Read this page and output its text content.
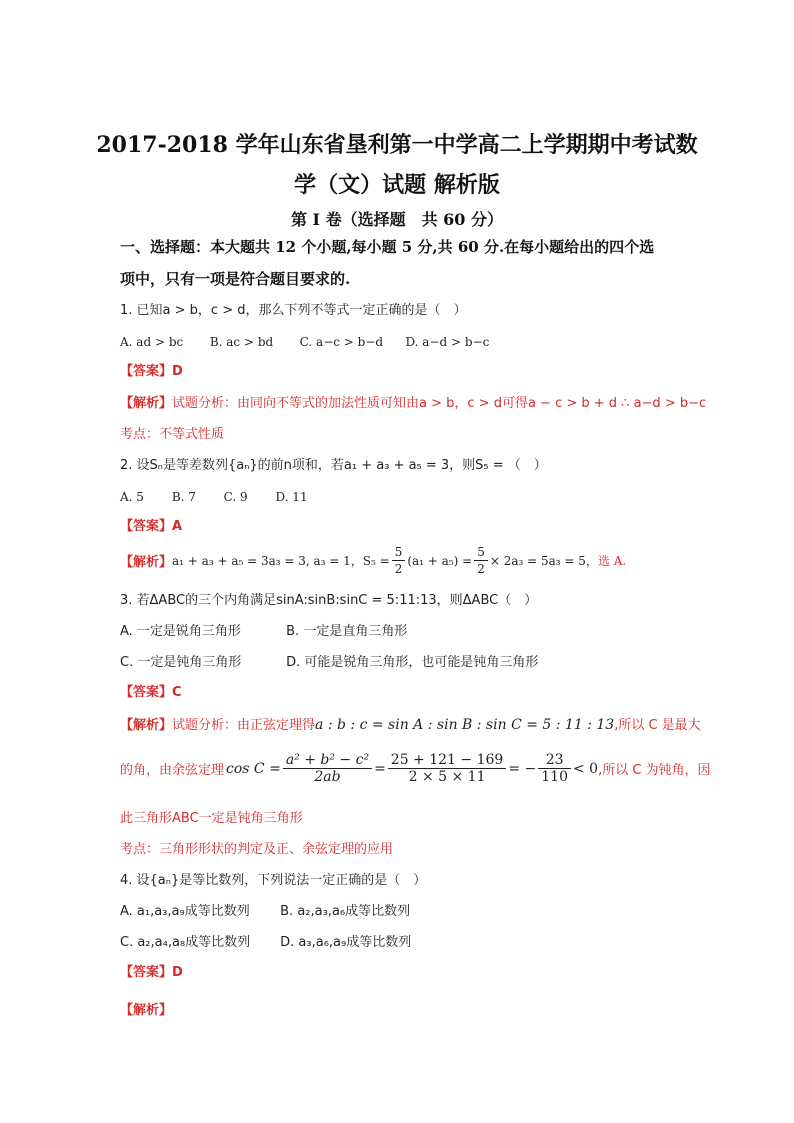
2017-2018 学年山东省垦利第一中学高二上学期期中考试数
学（文）试题 解析版
第 I 卷（选择题　共 60 分）
一、选择题：本大题共 12 个小题,每小题 5 分,共 60 分.在每小题给出的四个选
项中，只有一项是符合题目要求的.
1. 已知a > b，c > d，那么下列不等式一定正确的是（　）
A. ad > bc B. ac > bd C. a−c > b−d D. a−d > b−c
【答案】D
【解析】试题分析：由同向不等式的加法性质可知由a > b，c > d可得a − c > b + d ∴ a−d > b−c
考点：不等式性质
2. 设Sₙ是等差数列{aₙ}的前n项和，若a₁ + a₃ + a₅ = 3，则S₅ = （　）
A. 5 B. 7 C. 9 D. 11
【答案】A
【解析】 a₁ + a₃ + a₅ = 3a₃ = 3, a₃ = 1，$S_5 = \frac{5}{2} (a_1 + a_5) = \frac{5}{2} \times 2a_3 = 5a_3 = 5$， 选 A.
3. 若ΔABC的三个内角满足sinA:sinB:sinC = 5:11:13，则ΔABC（　）
A. 一定是锐角三角形	B. 一定是直角三角形
C. 一定是钝角三角形	D. 可能是锐角三角形，也可能是钝角三角形
【答案】C
【解析】试题分析：由正弦定理得a : b : c = sin A : sin B : sin C = 5 : 11 : 13,所以 C 是最大
的角，由余弦定理 $\cos C = \frac{\text{a² + b² − c²}}{2ab} = \frac{25 + 121 - 169}{2 \times 5 \times 11}$ = − $\frac{23}{110} < 0$ ,所以 C 为钝角，因
此三角形ABC一定是钝角三角形
考点：三角形形状的判定及正、余弦定理的应用
4. 设{aₙ}是等比数列，下列说法一定正确的是（　）
A. a₁,a₃,a₉成等比数列 B. a₂,a₃,a₆成等比数列
C. a₂,a₄,a₈成等比数列 D. a₃,a₆,a₉成等比数列
【答案】D
【解析】
